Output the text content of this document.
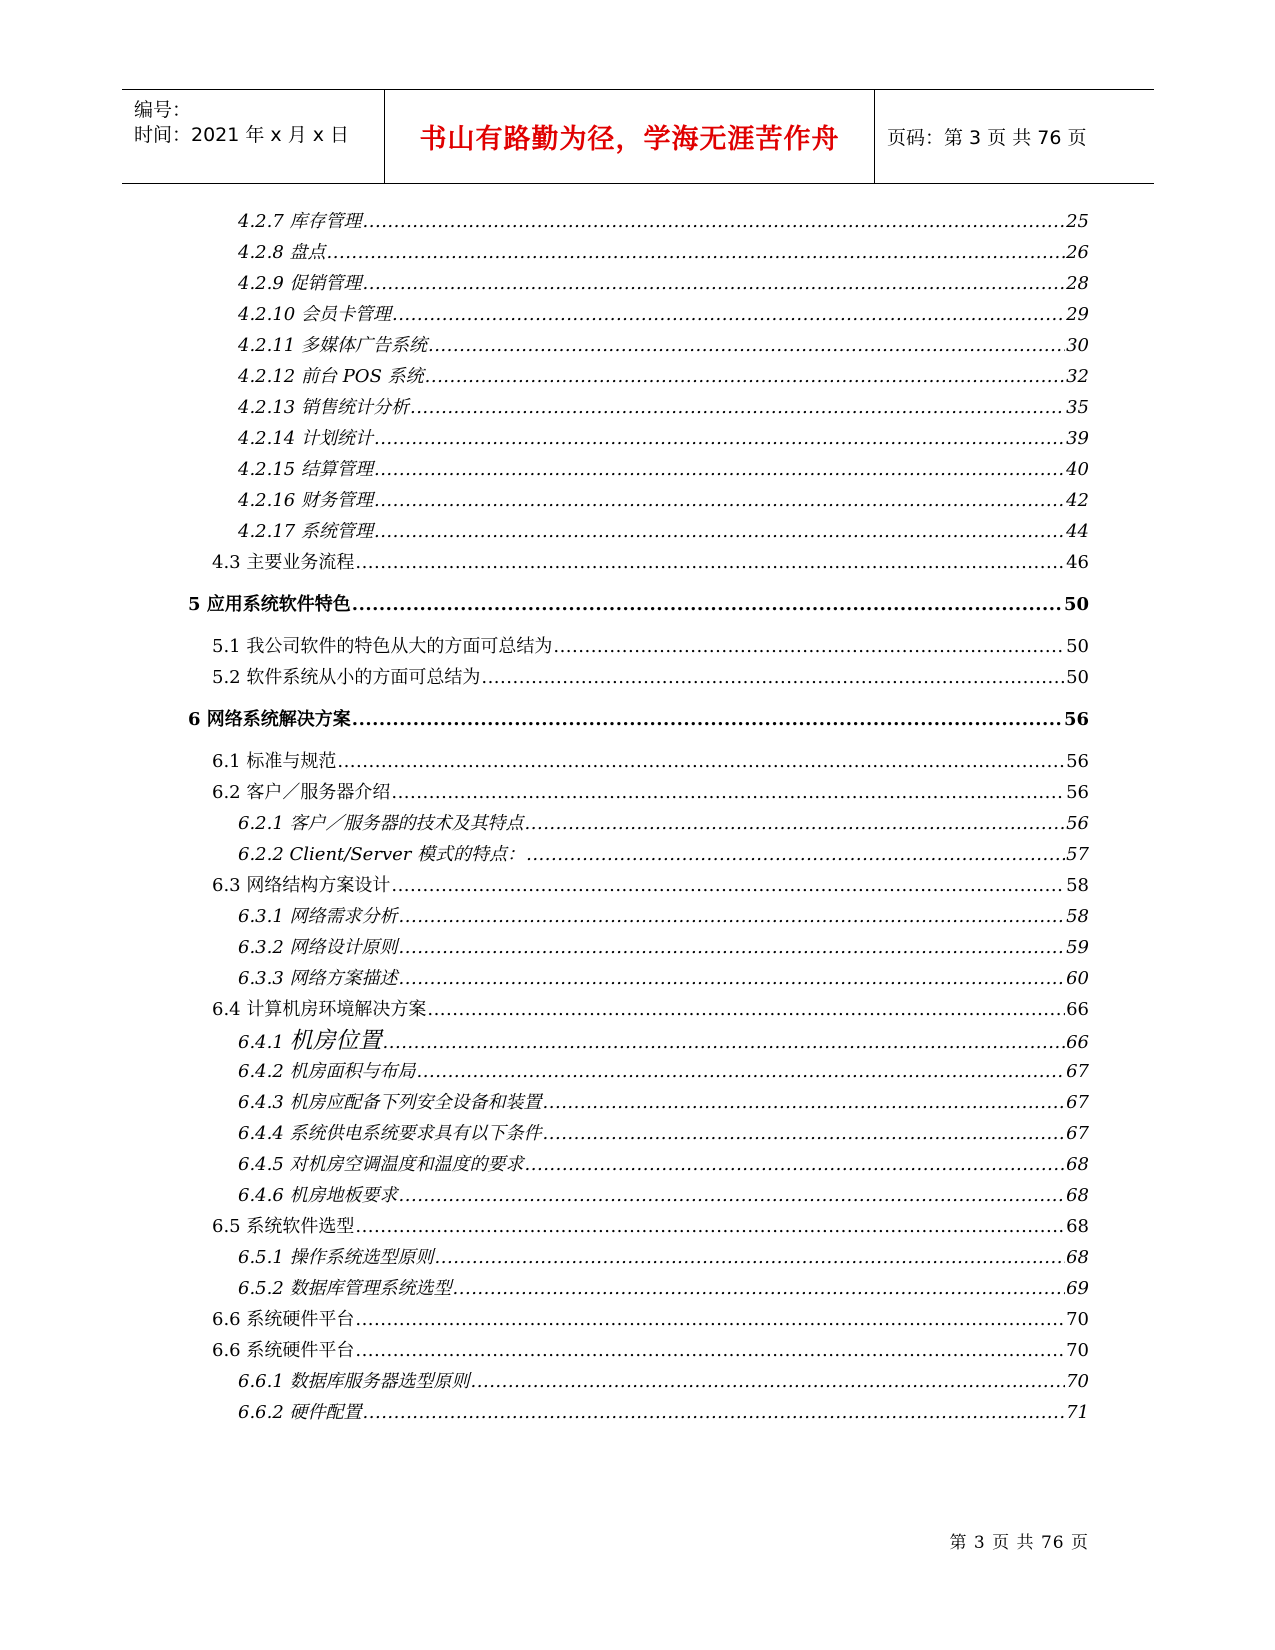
编号：
时间：2021 年 x 月 x 日	书山有路勤为径，学海无涯苦作舟	页码：第 3 页 共 76 页
4.2.7 库存管理 .....	25
4.2.8 盘点 .....	26
4.2.9 促销管理 .....	28
4.2.10 会员卡管理 .....	29
4.2.11 多媒体广告系统 .....	30
4.2.12 前台 POS 系统 .....	32
4.2.13 销售统计分析 .....	35
4.2.14 计划统计 .....	39
4.2.15 结算管理 .....	40
4.2.16 财务管理 .....	42
4.2.17 系统管理 .....	44
4.3 主要业务流程 .....	46
5 应用系统软件特色 .....	50
5.1 我公司软件的特色从大的方面可总结为 .....	50
5.2 软件系统从小的方面可总结为 .....	50
6 网络系统解决方案 .....	56
6.1 标准与规范 .....	56
6.2 客户／服务器介绍 .....	56
6.2.1 客户／服务器的技术及其特点 .....	56
6.2.2 Client/Server 模式的特点： .....	57
6.3 网络结构方案设计 .....	58
6.3.1 网络需求分析 .....	58
6.3.2 网络设计原则 .....	59
6.3.3 网络方案描述 .....	60
6.4 计算机房环境解决方案 .....	66
6.4.1 机房位置 .....	66
6.4.2 机房面积与布局 .....	67
6.4.3 机房应配备下列安全设备和装置 .....	67
6.4.4 系统供电系统要求具有以下条件 .....	67
6.4.5 对机房空调温度和温度的要求 .....	68
6.4.6 机房地板要求 .....	68
6.5 系统软件选型 .....	68
6.5.1 操作系统选型原则 .....	68
6.5.2 数据库管理系统选型 .....	69
6.6 系统硬件平台 .....	70
6.6 系统硬件平台 .....	70
6.6.1 数据库服务器选型原则 .....	70
6.6.2 硬件配置 .....	71
第 3 页 共 76 页
